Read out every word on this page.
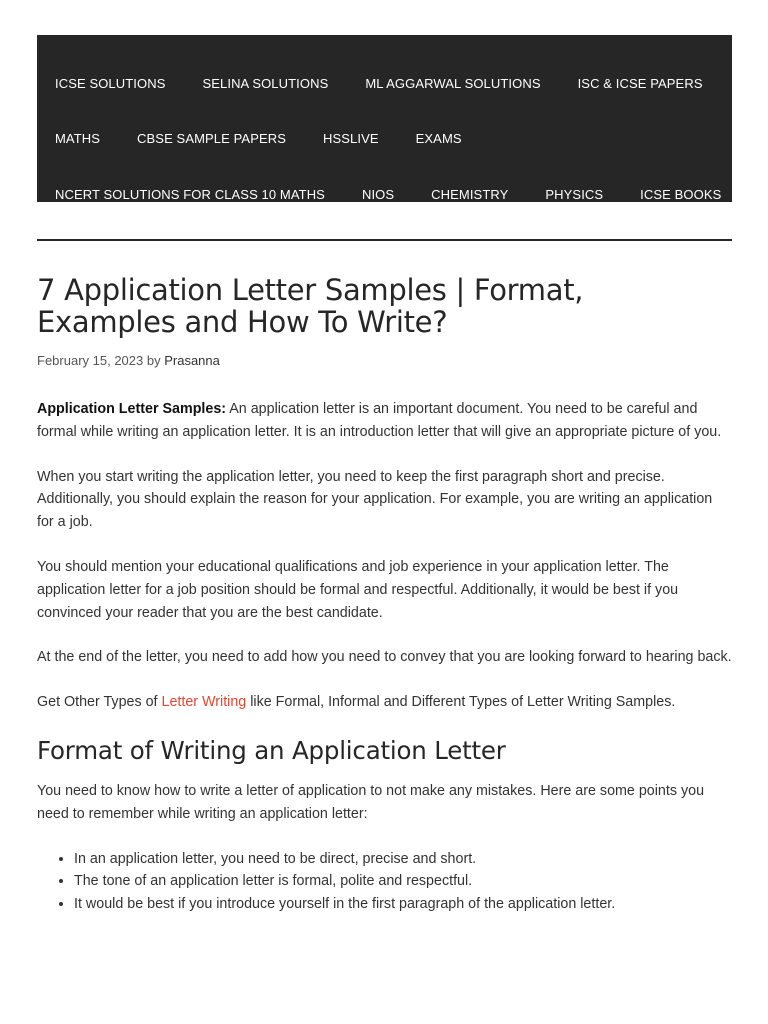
ICSE SOLUTIONS	SELINA SOLUTIONS	ML AGGARWAL SOLUTIONS	ISC & ICSE PAPERS
MATHS	CBSE SAMPLE PAPERS	HSSLIVE	EXAMS
NCERT SOLUTIONS FOR CLASS 10 MATHS	NIOS	CHEMISTRY	PHYSICS	ICSE BOOKS
7 Application Letter Samples | Format, Examples and How To Write?
February 15, 2023 by Prasanna

Application Letter Samples: An application letter is an important document. You need to be careful and formal while writing an application letter. It is an introduction letter that will give an appropriate picture of you.

When you start writing the application letter, you need to keep the first paragraph short and precise. Additionally, you should explain the reason for your application. For example, you are writing an application for a job.

You should mention your educational qualifications and job experience in your application letter. The application letter for a job position should be formal and respectful. Additionally, it would be best if you convinced your reader that you are the best candidate.

At the end of the letter, you need to add how you need to convey that you are looking forward to hearing back.

Get Other Types of Letter Writing like Formal, Informal and Different Types of Letter Writing Samples.

Format of Writing an Application Letter

You need to know how to write a letter of application to not make any mistakes. Here are some points you need to remember while writing an application letter:

• In an application letter, you need to be direct, precise and short.
• The tone of an application letter is formal, polite and respectful.
• It would be best if you introduce yourself in the first paragraph of the application letter.
